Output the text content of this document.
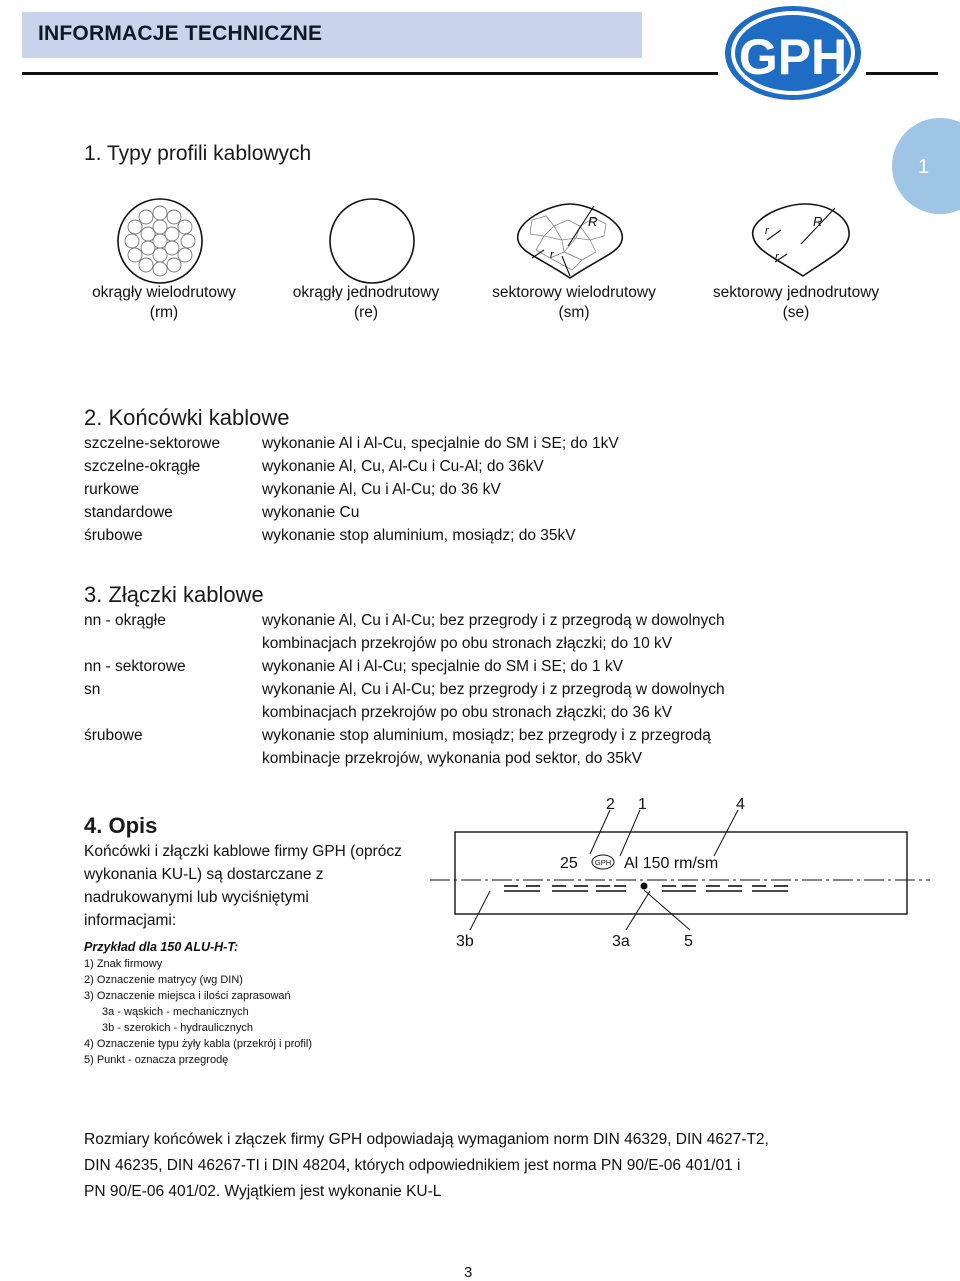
INFORMACJE TECHNICZNE	GPH
1
1. Typy profili kablowych
R
r
R
r
r
okrągły wielodrutowy
(rm)
okrągły jednodrutowy
(re)
sektorowy wielodrutowy
(sm)
sektorowy jednodrutowy
(se)
2. Końcówki kablowe
szczelne-sektorowe	wykonanie Al i Al-Cu, specjalnie do SM i SE; do 1kV
szczelne-okrągłe	wykonanie Al, Cu, Al-Cu i Cu-Al; do 36kV
rurkowe	wykonanie Al, Cu i Al-Cu; do 36 kV
standardowe	wykonanie Cu
śrubowe	wykonanie stop aluminium, mosiądz; do 35kV
3. Złączki kablowe
nn - okrągłe	wykonanie Al, Cu i Al-Cu; bez przegrody i z przegrodą w dowolnych
kombinacjach przekrojów po obu stronach złączki; do 10 kV
nn - sektorowe	wykonanie Al i Al-Cu; specjalnie do SM i SE; do 1 kV
sn	wykonanie Al, Cu i Al-Cu; bez przegrody i z przegrodą w dowolnych
kombinacjach przekrojów po obu stronach złączki; do 36 kV
śrubowe	wykonanie stop aluminium, mosiądz; bez przegrody i z przegrodą
kombinacje przekrojów, wykonania pod sektor, do 35kV
4. Opis
Końcówki i złączki kablowe firmy GPH (oprócz
wykonania KU-L) są dostarczane z
nadrukowanymi lub wyciśniętymi
informacjami:
Przykład dla 150 ALU-H-T:
1) Znak firmowy
2) Oznaczenie matrycy (wg DIN)
3) Oznaczenie miejsca i ilości zaprasowań
3a - wąskich - mechanicznych
3b - szerokich - hydraulicznych
4) Oznaczenie typu żyły kabla (przekrój i profil)
5) Punkt - oznacza przegrodę
GPH
25	Al 150 rm/sm
2 1	4
3b	3a	5
Rozmiary końcówek i złączek firmy GPH odpowiadają wymaganiom norm DIN 46329, DIN 4627-T2,
DIN 46235, DIN 46267-TI i DIN 48204, których odpowiednikiem jest norma PN 90/E-06 401/01 i
PN 90/E-06 401/02. Wyjątkiem jest wykonanie KU-L
3
